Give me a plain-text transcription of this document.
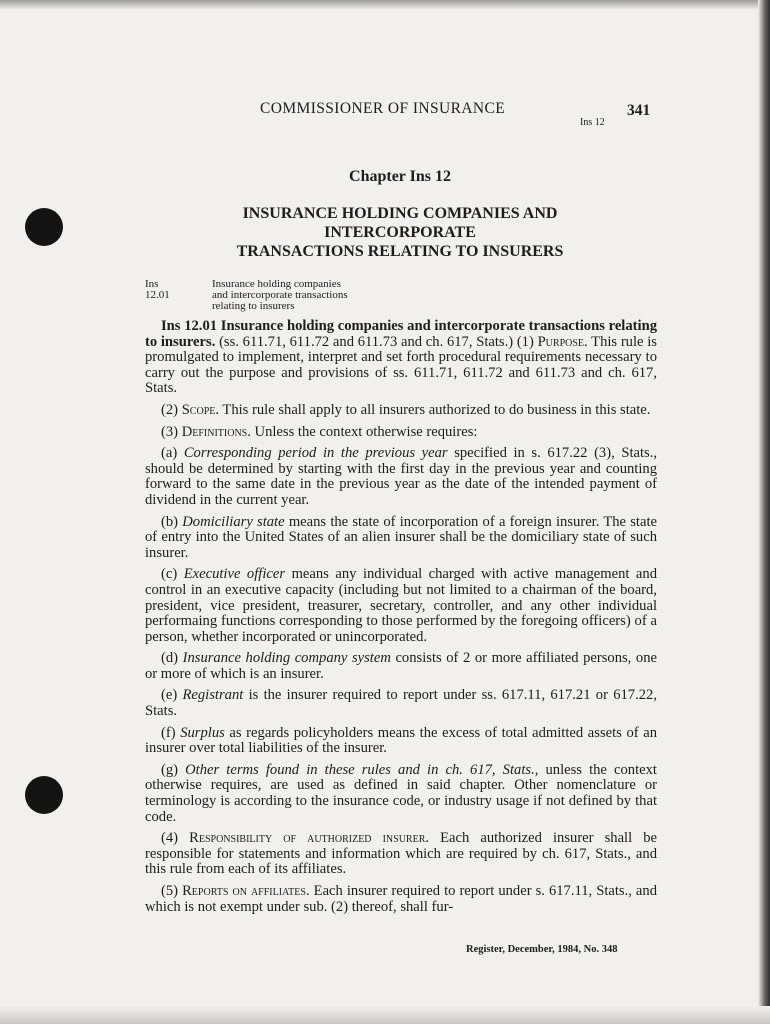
COMMISSIONER OF INSURANCE	341
Ins 12
Chapter Ins 12
INSURANCE HOLDING COMPANIES AND
INTERCORPORATE
TRANSACTIONS RELATING TO INSURERS
Ins 12.01
Insurance holding companies
and intercorporate transactions
relating to insurers

Ins 12.01 Insurance holding companies and intercorporate transactions relating to insurers. (ss. 611.71, 611.72 and 611.73 and ch. 617, Stats.) (1) Purpose. This rule is promulgated to implement, interpret and set forth procedural requirements necessary to carry out the purpose and provisions of ss. 611.71, 611.72 and 611.73 and ch. 617, Stats.

(2) Scope. This rule shall apply to all insurers authorized to do business in this state.

(3) Definitions. Unless the context otherwise requires:

(a) Corresponding period in the previous year specified in s. 617.22 (3), Stats., should be determined by starting with the first day in the previous year and counting forward to the same date in the previous year as the date of the intended payment of dividend in the current year.

(b) Domiciliary state means the state of incorporation of a foreign insurer. The state of entry into the United States of an alien insurer shall be the domiciliary state of such insurer.

(c) Executive officer means any individual charged with active management and control in an executive capacity (including but not limited to a chairman of the board, president, vice president, treasurer, secretary, controller, and any other individual performaing functions corresponding to those performed by the foregoing officers) of a person, whether incorporated or unincorporated.

(d) Insurance holding company system consists of 2 or more affiliated persons, one or more of which is an insurer.

(e) Registrant is the insurer required to report under ss. 617.11, 617.21 or 617.22, Stats.

(f) Surplus as regards policyholders means the excess of total admitted assets of an insurer over total liabilities of the insurer.

(g) Other terms found in these rules and in ch. 617, Stats., unless the context otherwise requires, are used as defined in said chapter. Other nomenclature or terminology is according to the insurance code, or industry usage if not defined by that code.

(4) Responsibility of authorized insurer. Each authorized insurer shall be responsible for statements and information which are required by ch. 617, Stats., and this rule from each of its affiliates.

(5) Reports on affiliates. Each insurer required to report under s. 617.11, Stats., and which is not exempt under sub. (2) thereof, shall fur-

Register, December, 1984, No. 348
